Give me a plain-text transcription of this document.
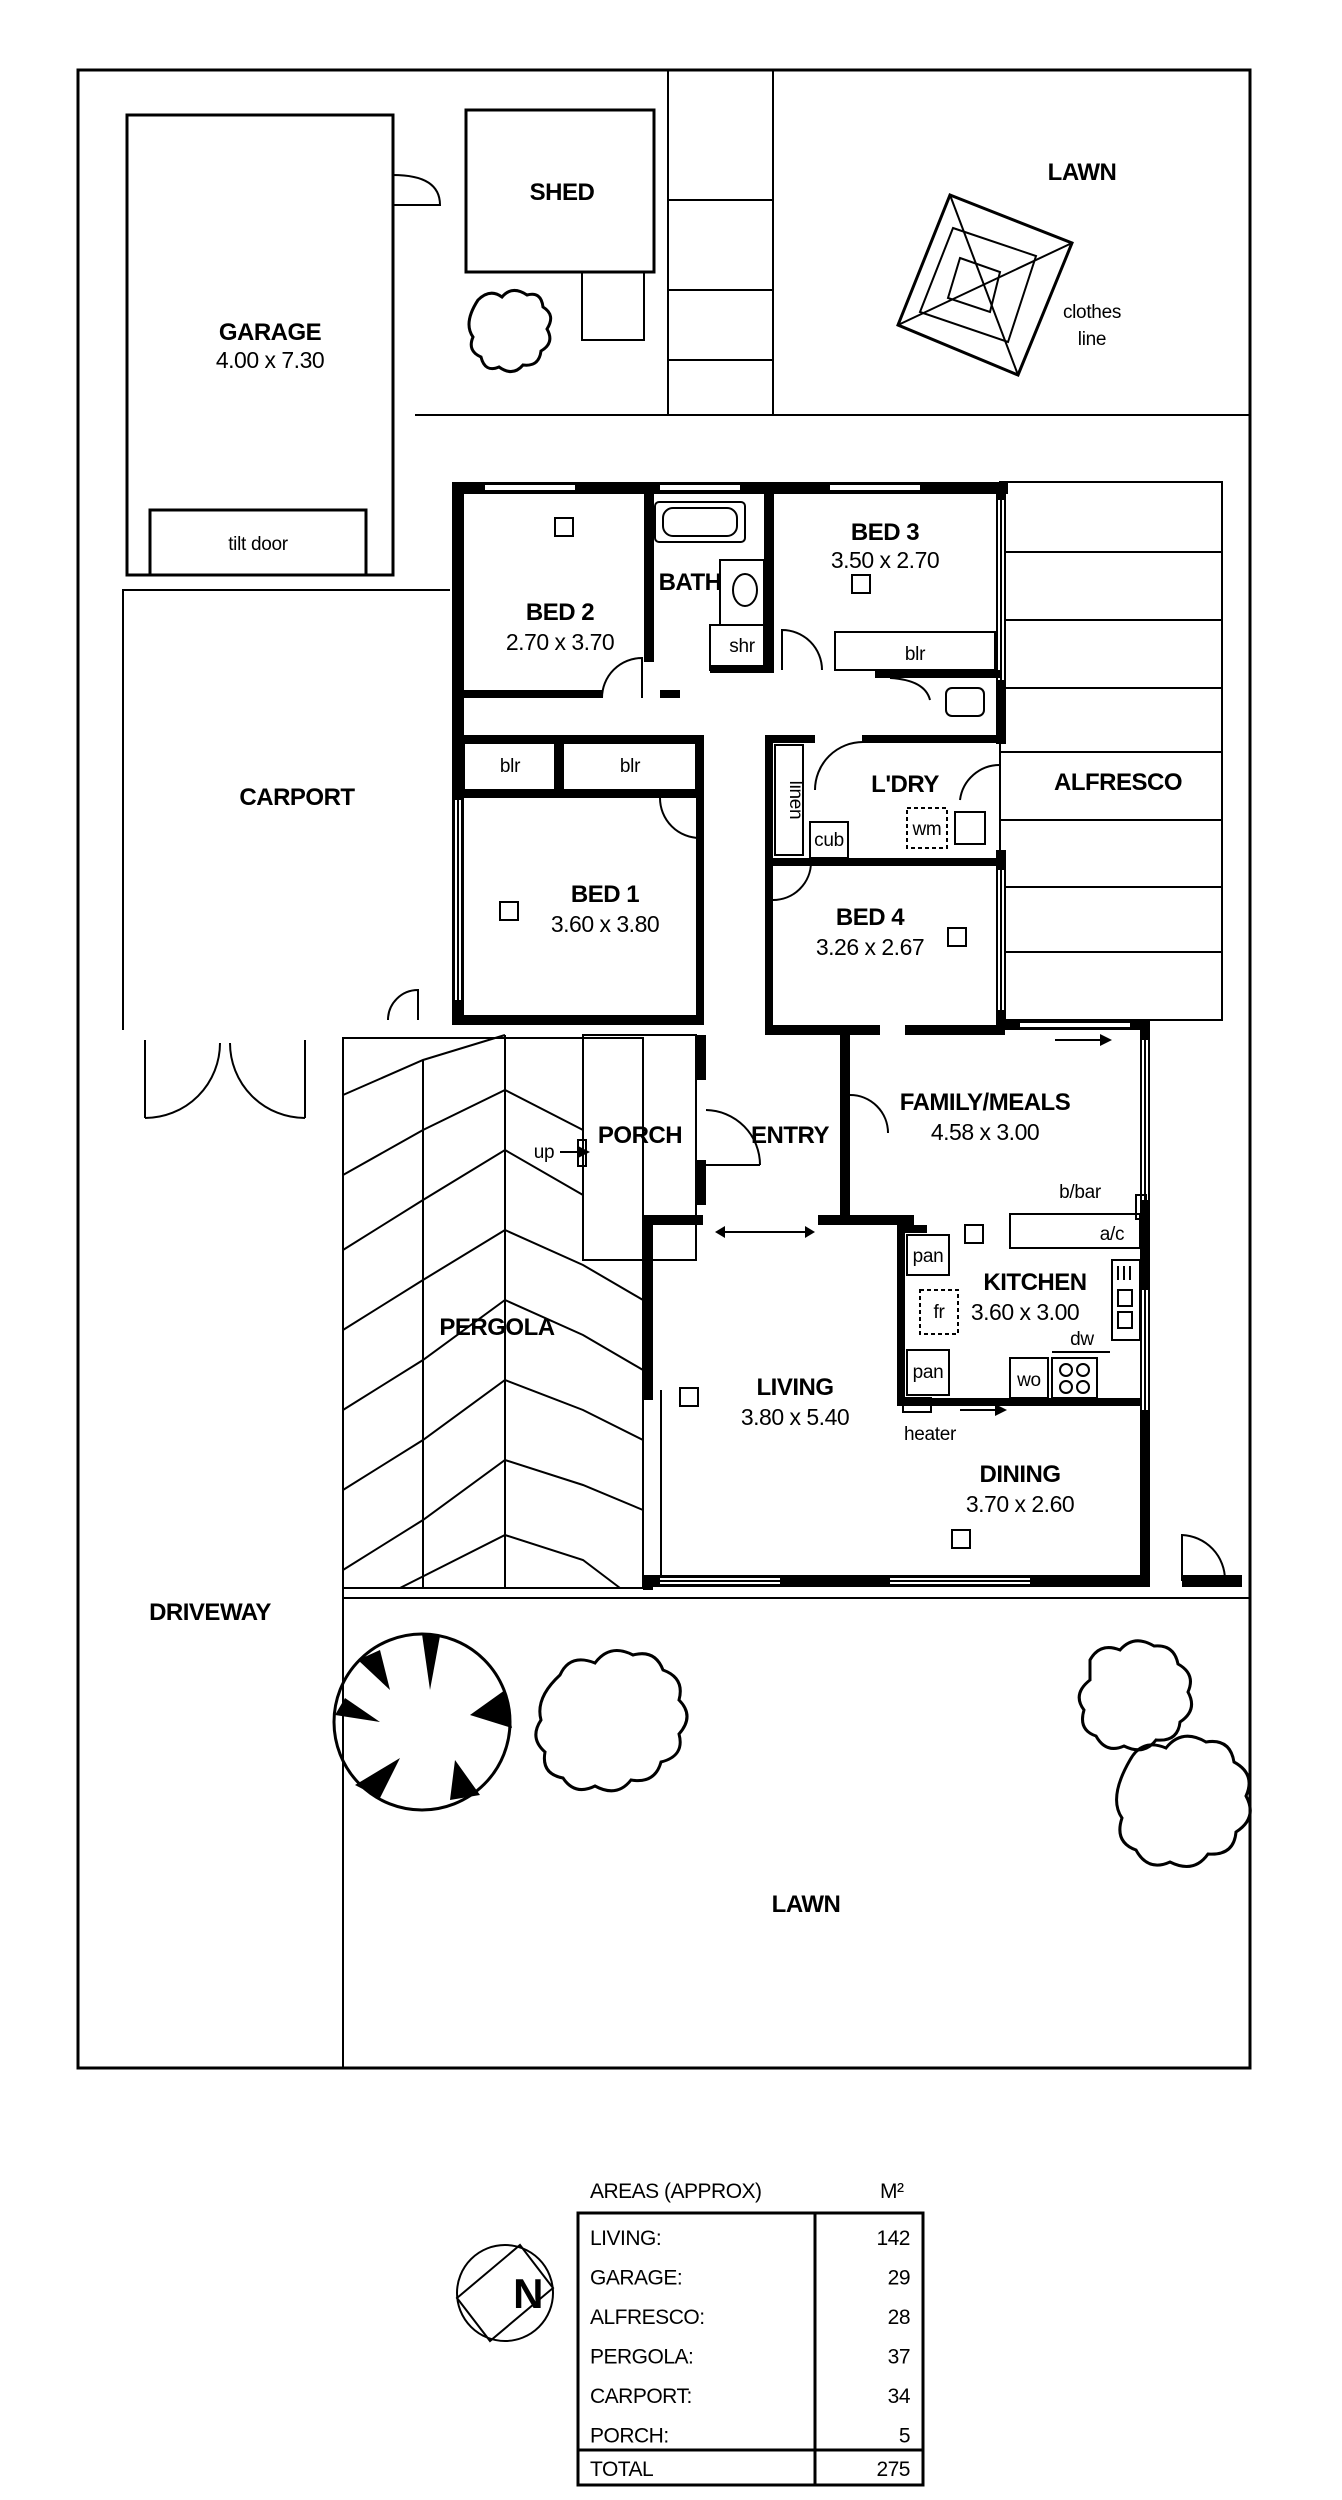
GARAGE
4.00 x 7.30
tilt door
SHED
clothes
line
LAWN
CARPORT
ALFRESCO
BATH
shr
BED 2
2.70 x 3.70
BED 3
3.50 x 2.70
blr
blr	blr
linen
cub
wm
L'DRY
BED 1
3.60 x 3.80	BED 4
3.26 x 2.67
FAMILY/MEALS
4.58 x 3.00
b/bar
a/c
pan
fr
pan
KITCHEN
3.60 x 3.00
dw
wo
PORCH
up
ENTRY
LIVING
3.80 x 5.40
heater
DINING
3.70 x 2.60
PERGOLA
DRIVEWAY
LAWN
N
AREAS (APPROX)	M²
LIVING:	142
GARAGE:	29
ALFRESCO:	28
PERGOLA:	37
CARPORT:	34
PORCH:	5
TOTAL	275
